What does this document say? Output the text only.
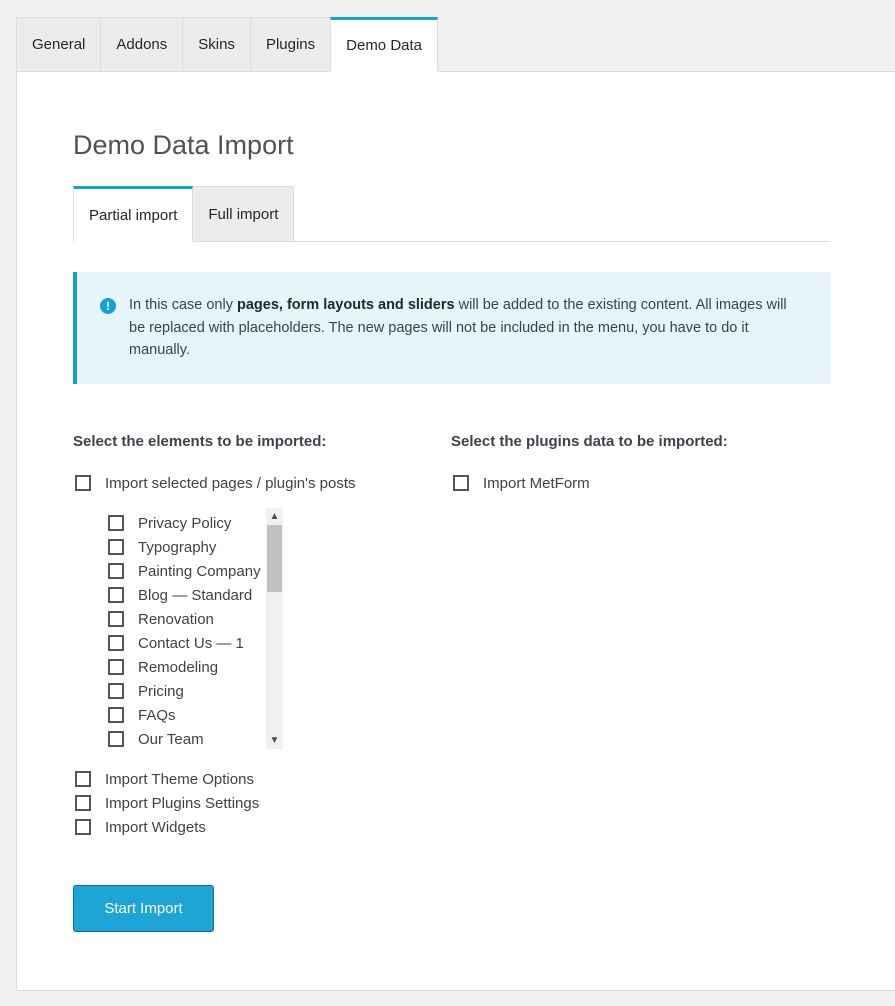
General	Addons	Skins	Plugins	Demo Data
Demo Data Import
Partial import	Full import
!	In this case only pages, form layouts and sliders will be added to the existing content. All images will be replaced with placeholders. The new pages will not be included in the menu, you have to do it manually.
Select the elements to be imported:
Import selected pages / plugin's posts
Privacy Policy
Typography
Painting Company
Blog — Standard
Renovation
Contact Us — 1
Remodeling
Pricing
FAQs
Our Team
▲
▼
Import Theme Options
Import Plugins Settings
Import Widgets
Select the plugins data to be imported:
Import MetForm
Start Import
